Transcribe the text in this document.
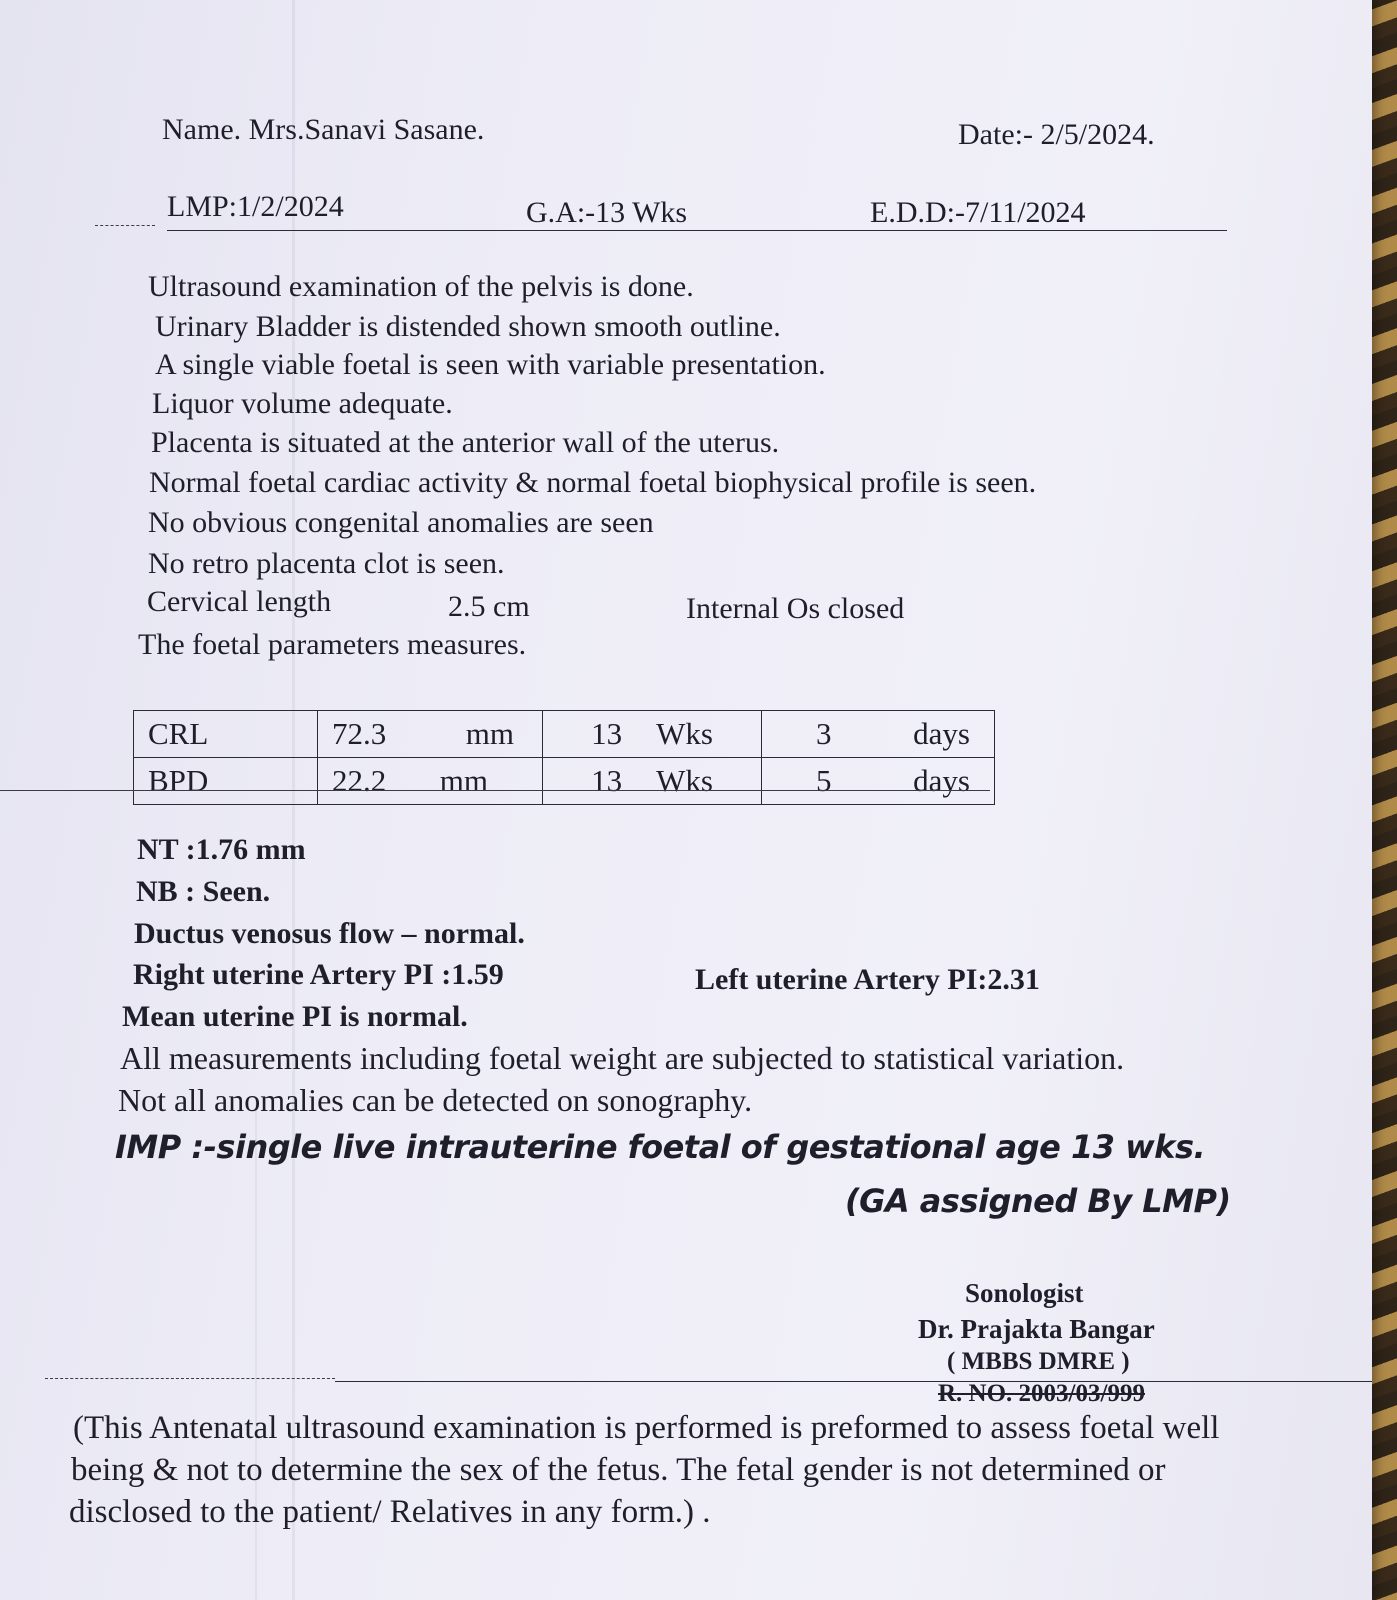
Name. Mrs.Sanavi Sasane.	Date:- 2/5/2024.
LMP:1/2/2024	G.A:-13 Wks	E.D.D:-7/11/2024
Ultrasound examination of the pelvis is done.
Urinary Bladder is distended shown smooth outline.
A single viable foetal is seen with variable presentation.
Liquor volume adequate.
Placenta is situated at the anterior wall of the uterus.
Normal foetal cardiac activity & normal foetal biophysical profile is seen.
No obvious congenital anomalies are seen
No retro placenta clot is seen.
Cervical length	2.5 cm	Internal Os closed
The foetal parameters measures.
CRL	72.3 mm	13 Wks	3 days

BPD	22.2 mm	13 Wks	5 days
NT :1.76 mm
NB : Seen.
Ductus venosus flow – normal.
Right uterine Artery PI :1.59	Left uterine Artery PI:2.31
Mean uterine PI is normal.
All measurements including foetal weight are subjected to statistical variation.
Not all anomalies can be detected on sonography.
IMP :-single live intrauterine foetal of gestational age 13 wks.
(GA assigned By LMP)
Sonologist
Dr. Prajakta Bangar
( MBBS DMRE )
R. NO. 2003/03/999
(This Antenatal ultrasound examination is performed is preformed to assess foetal well
being & not to determine the sex of the fetus. The fetal gender is not determined or
disclosed to the patient/ Relatives in any form.) .
